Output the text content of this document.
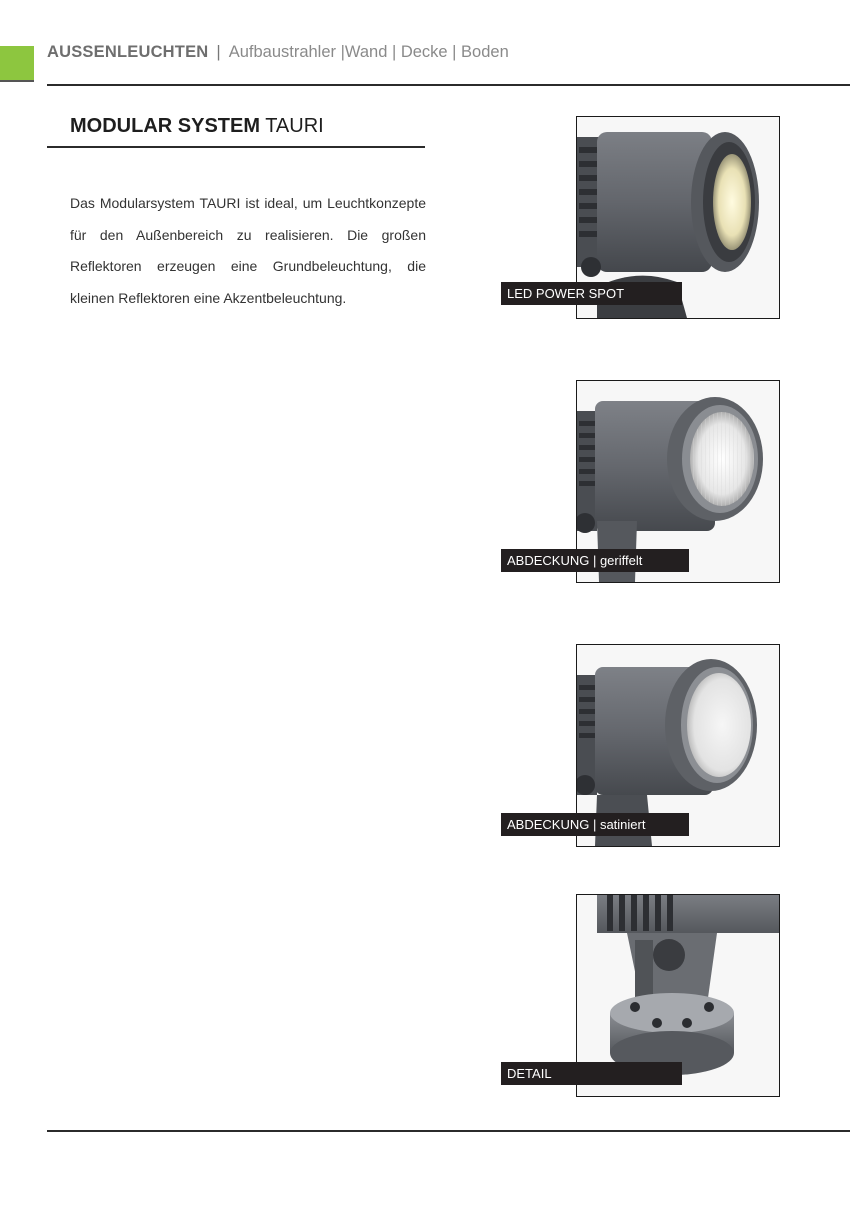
AUSSENLEUCHTEN | Aufbaustrahler |Wand | Decke | Boden
MODULAR SYSTEM TAURI

Das Modularsystem TAURI ist ideal, um Leuchtkonzepte für den Außenbereich zu realisieren. Die großen Reflektoren erzeugen eine Grundbeleuchtung, die kleinen Reflektoren eine Akzentbeleuchtung.	LED POWER SPOT
ABDECKUNG | geriffelt
ABDECKUNG | satiniert
DETAIL
